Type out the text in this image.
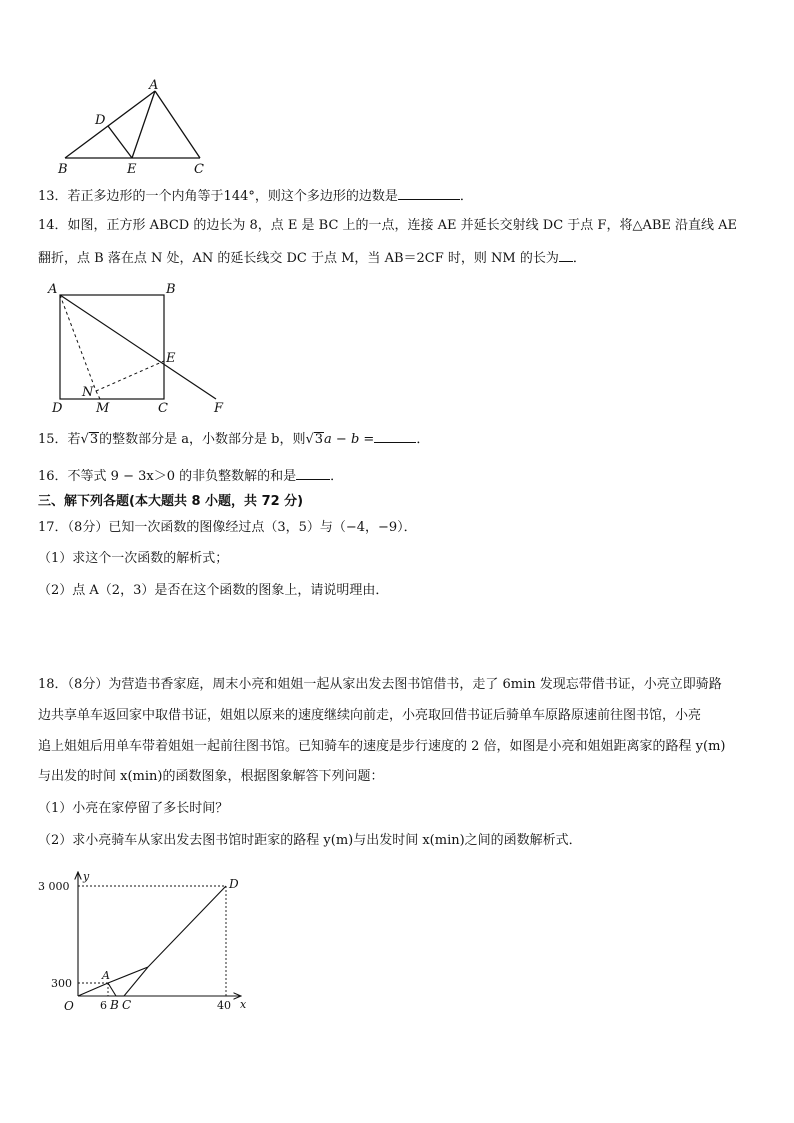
A
D
B	E	C
13．若正多边形的一个内角等于144°，则这个多边形的边数是	．
14．如图，正方形 ABCD 的边长为 8，点 E 是 BC 上的一点，连接 AE 并延长交射线 DC 于点 F，将△ABE 沿直线 AE
翻折，点 B 落在点 N 处，AN 的延长线交 DC 于点 M，当 AB＝2CF 时，则 NM 的长为 ．
A	B
E
N
D	M	C	F
15．若√3的整数部分是 a，小数部分是 b，则√3a − b =	．
16．不等式 9 − 3x＞0 的非负整数解的和是	．
三、解下列各题(本大题共 8 小题，共 72 分)
17．（8分）已知一次函数的图像经过点（3，5）与（−4，−9）．
（1）求这个一次函数的解析式；
（2）点 A（2，3）是否在这个函数的图象上，请说明理由．
18．（8分）为营造书香家庭，周末小亮和姐姐一起从家出发去图书馆借书，走了 6min 发现忘带借书证，小亮立即骑路
边共享单车返回家中取借书证，姐姐以原来的速度继续向前走，小亮取回借书证后骑单车原路原速前往图书馆，小亮
追上姐姐后用单车带着姐姐一起前往图书馆。已知骑车的速度是步行速度的 2 倍，如图是小亮和姐姐距离家的路程 y(m)
与出发的时间 x(min)的函数图象，根据图象解答下列问题：
（1）小亮在家停留了多长时间？
（2）求小亮骑车从家出发去图书馆时距家的路程 y(m)与出发时间 x(min)之间的函数解析式．
y
x
O
3 000
300
6	40
A
B C
D
